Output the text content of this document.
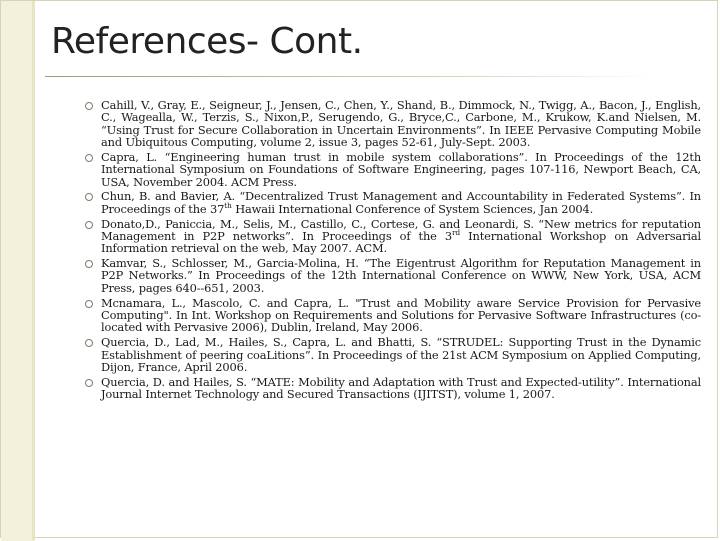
References- Cont.
Cahill, V., Gray, E., Seigneur, J., Jensen, C., Chen, Y., Shand, B., Dimmock, N., Twigg, A., Bacon, J., English, C., Wagealla, W., Terzis, S., Nixon,P., Serugendo, G., Bryce,C., Carbone, M., Krukow, K.and Nielsen, M. “Using Trust for Secure Collaboration in Uncertain Environments”. In IEEE Pervasive Computing Mobile and Ubiquitous Computing, volume 2, issue 3, pages 52-61, July-Sept. 2003.
Capra, L. “Engineering human trust in mobile system collaborations”. In Proceedings of the 12th International Symposium on Foundations of Software Engineering, pages 107-116, Newport Beach, CA, USA, November 2004. ACM Press.
Chun, B. and Bavier, A. “Decentralized Trust Management and Accountability in Federated Systems”. In Proceedings of the 37th Hawaii International Conference of System Sciences, Jan 2004.
Donato,D., Paniccia, M., Selis, M., Castillo, C., Cortese, G. and Leonardi, S. “New metrics for reputation Management in P2P networks”. In Proceedings of the 3rd International Workshop on Adversarial Information retrieval on the web, May 2007. ACM.
Kamvar, S., Schlosser, M., Garcia-Molina, H. “The Eigentrust Algorithm for Reputation Management in P2P Networks.” In Proceedings of the 12th International Conference on WWW, New York, USA, ACM Press, pages 640--651, 2003.
Mcnamara, L., Mascolo, C. and Capra, L. "Trust and Mobility aware Service Provision for Pervasive Computing". In Int. Workshop on Requirements and Solutions for Pervasive Software Infrastructures (co-located with Pervasive 2006), Dublin, Ireland, May 2006.
Quercia, D., Lad, M., Hailes, S., Capra, L. and Bhatti, S. “STRUDEL: Supporting Trust in the Dynamic Establishment of peering coaLitions”. In Proceedings of the 21st ACM Symposium on Applied Computing, Dijon, France, April 2006.
Quercia, D. and Hailes, S. “MATE: Mobility and Adaptation with Trust and Expected-utility”. International Journal Internet Technology and Secured Transactions (IJITST), volume 1, 2007.
